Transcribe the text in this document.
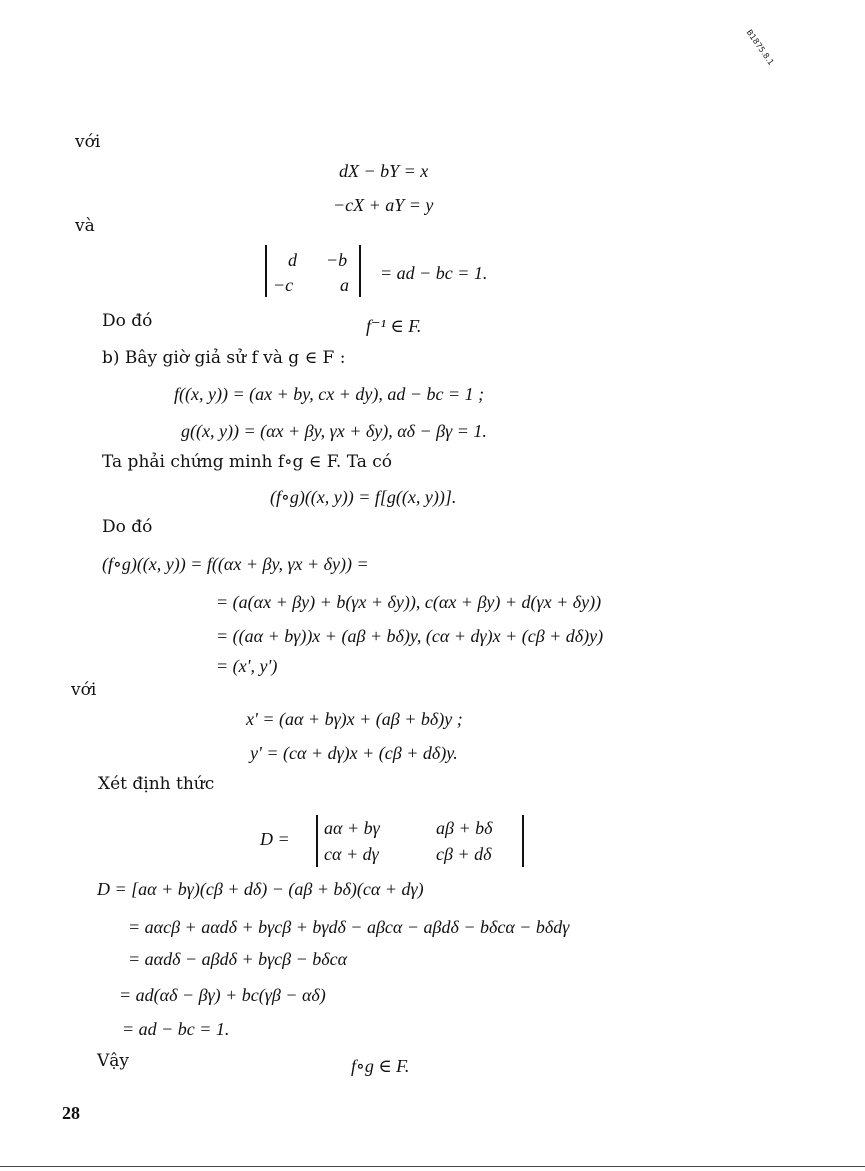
B1875.8.1
với
dX − bY = x
−cX + aY = y
và
d −b
−c	a
= ad − bc = 1.
Do đó	f⁻¹ ∈ F.
b) Bây giờ giả sử f và g ∈ F :
f((x, y)) = (ax + by, cx + dy), ad − bc = 1 ;
g((x, y)) = (αx + βy, γx + δy), αδ − βγ = 1.
Ta phải chứng minh f∘g ∈ F. Ta có
(f∘g)((x, y)) = f[g((x, y))].
Do đó
(f∘g)((x, y)) = f((αx + βy, γx + δy)) =
= (a(αx + βy) + b(γx + δy)), c(αx + βy) + d(γx + δy))
= ((aα + bγ))x + (aβ + bδ)y, (cα + dγ)x + (cβ + dδ)y)
= (x', y')
với
x' = (aα + bγ)x + (aβ + bδ)y ;
y' = (cα + dγ)x + (cβ + dδ)y.
Xét định thức
D =
aα + bγ	aβ + bδ
cα + dγ	cβ + dδ
D = [aα + bγ)(cβ + dδ) − (aβ + bδ)(cα + dγ)
= aαcβ + aαdδ + bγcβ + bγdδ − aβcα − aβdδ − bδcα − bδdγ
= aαdδ − aβdδ + bγcβ − bδcα
= ad(αδ − βγ) + bc(γβ − αδ)
= ad − bc = 1.
Vậy	f∘g ∈ F.
28
